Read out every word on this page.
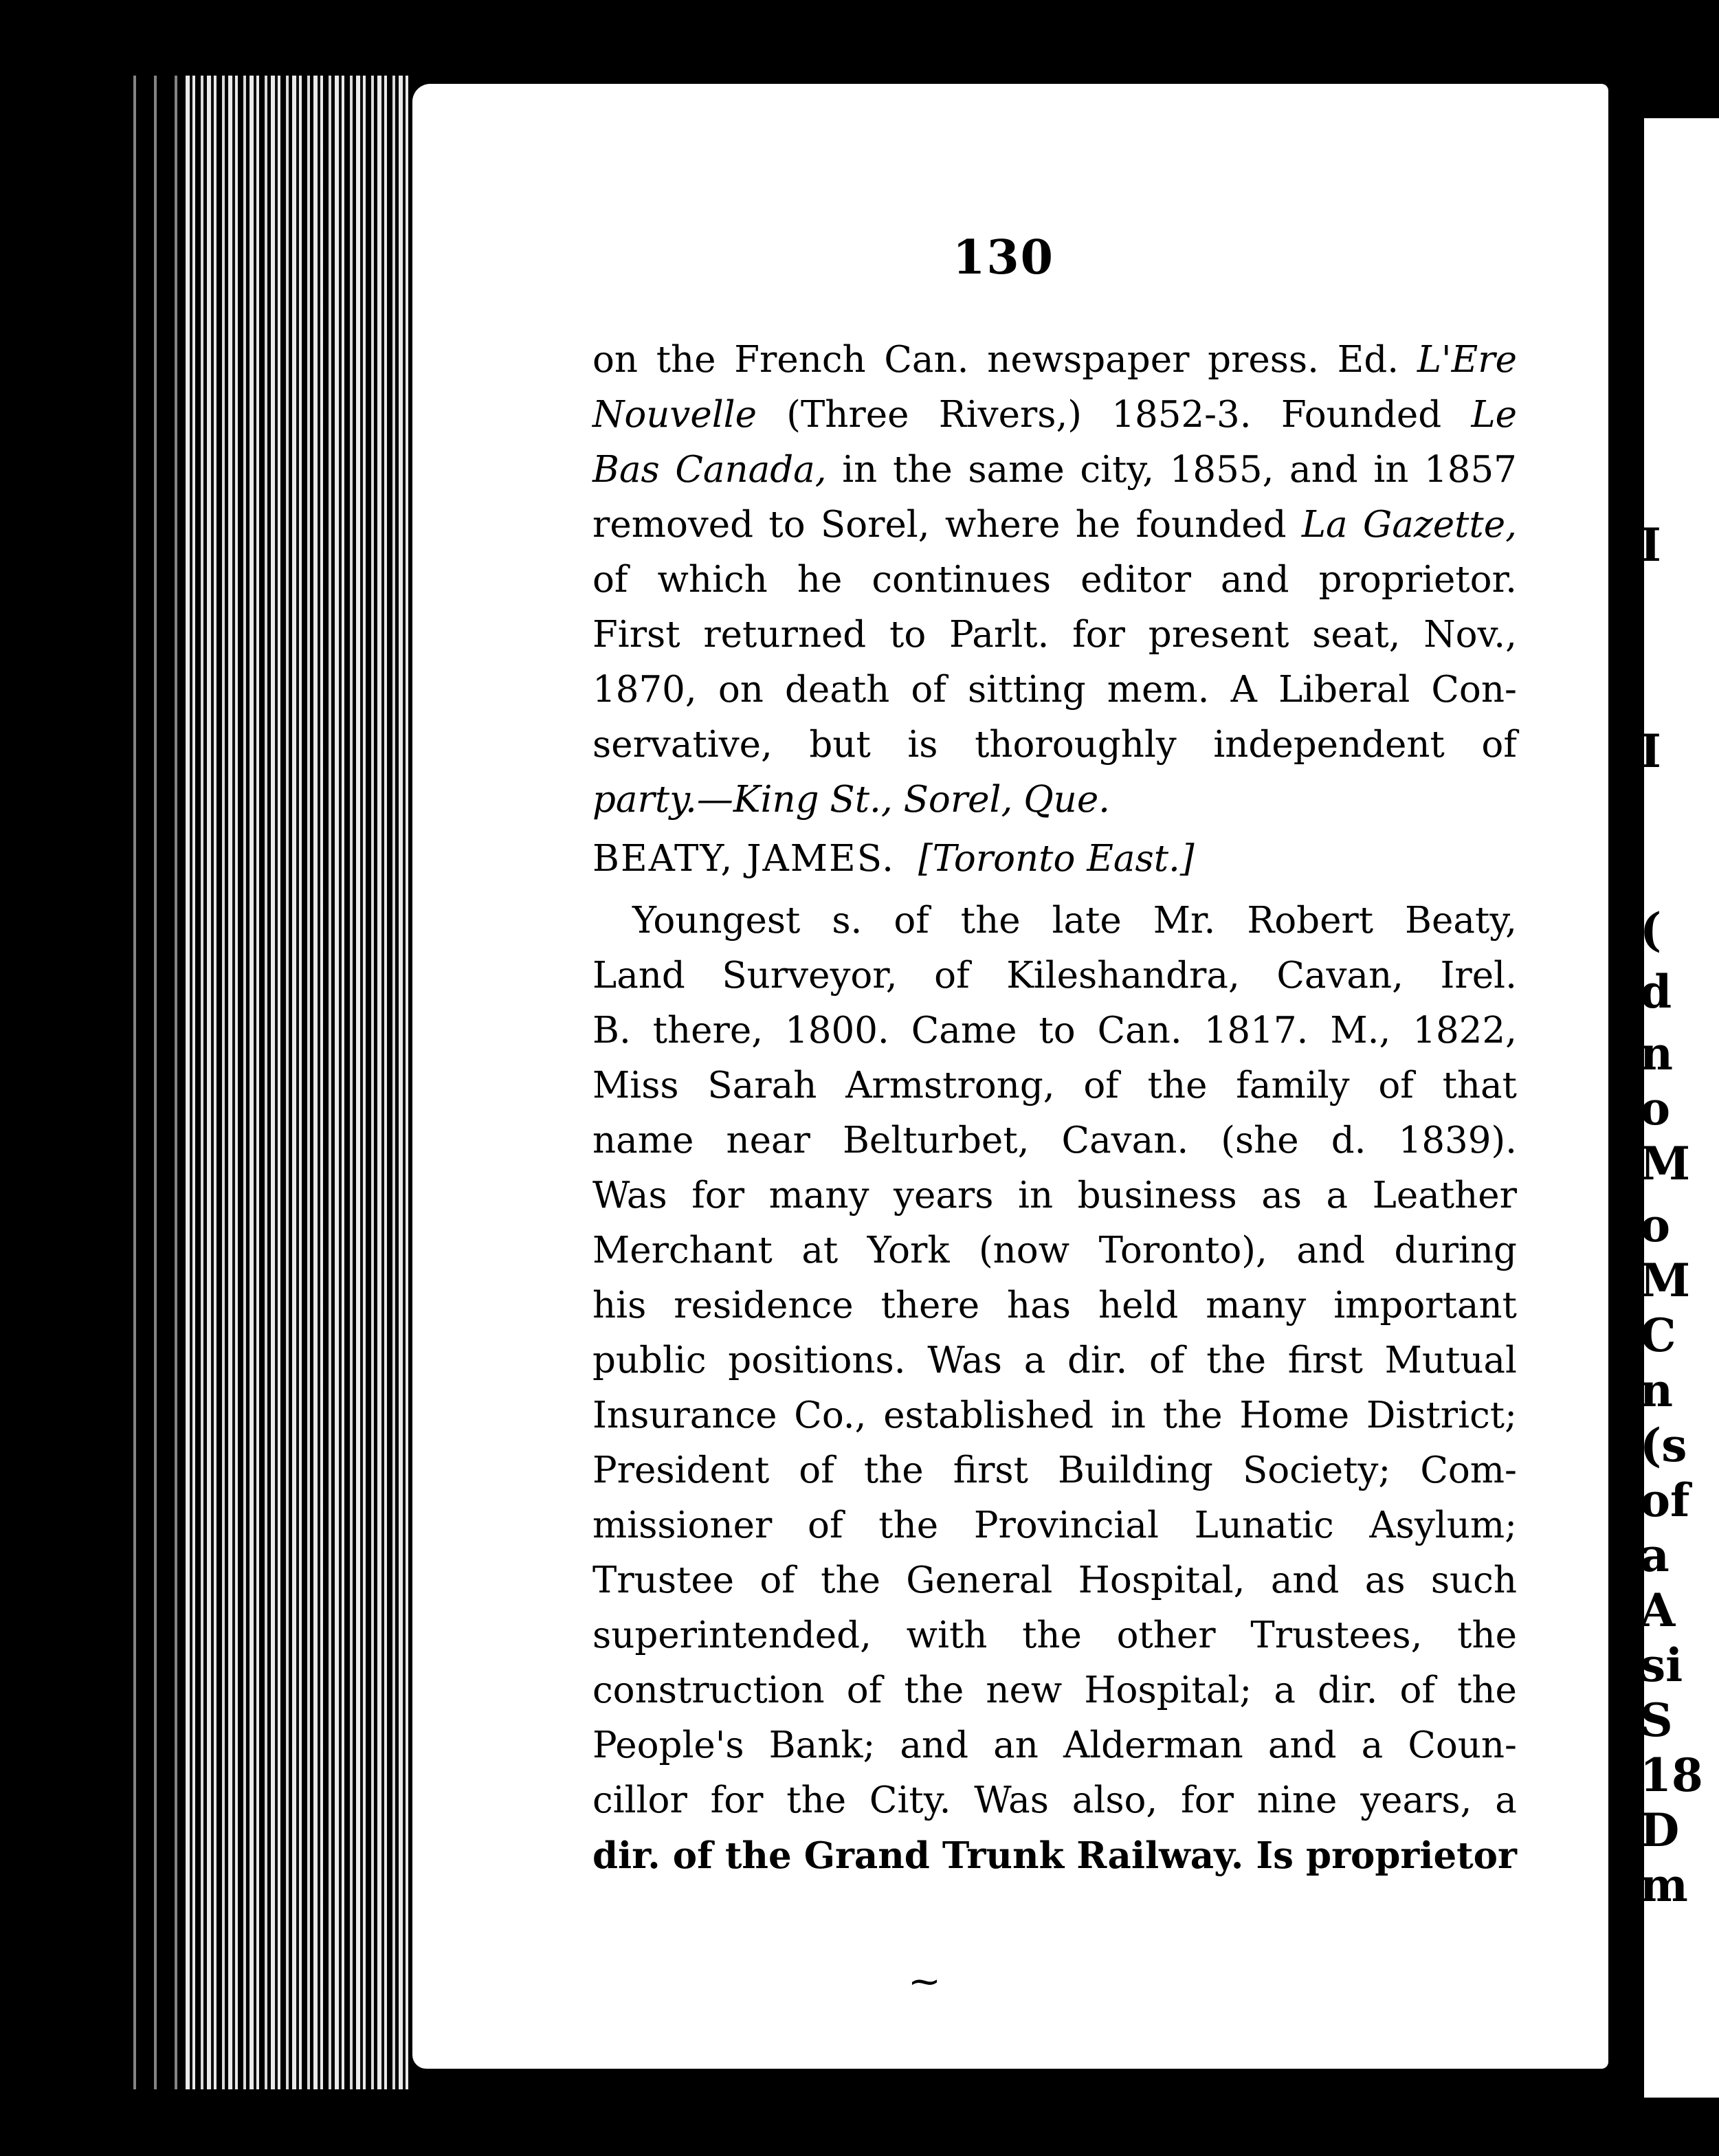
I
I
(
d
n
o
M
o
M
C
n
(s
of
a
A
si
S
18
D
m
130
on the French Can. newspaper press. Ed. L'Ere
Nouvelle (Three Rivers,) 1852-3. Founded Le
Bas Canada, in the same city, 1855, and in 1857
removed to Sorel, where he founded La Gazette,
of which he continues editor and proprietor.
First returned to Parlt. for present seat, Nov.,
1870, on death of sitting mem. A Liberal Con-
servative, but is thoroughly independent of
party.—King St., Sorel, Que.
BEATY, JAMES. [Toronto East.]
Youngest s. of the late Mr. Robert Beaty,
Land Surveyor, of Kileshandra, Cavan, Irel.
B. there, 1800. Came to Can. 1817. M., 1822,
Miss Sarah Armstrong, of the family of that
name near Belturbet, Cavan. (she d. 1839).
Was for many years in business as a Leather
Merchant at York (now Toronto), and during
his residence there has held many important
public positions. Was a dir. of the first Mutual
Insurance Co., established in the Home District;
President of the first Building Society; Com-
missioner of the Provincial Lunatic Asylum;
Trustee of the General Hospital, and as such
superintended, with the other Trustees, the
construction of the new Hospital; a dir. of the
People's Bank; and an Alderman and a Coun-
cillor for the City. Was also, for nine years, a
dir. of the Grand Trunk Railway. Is proprietor
⁓
